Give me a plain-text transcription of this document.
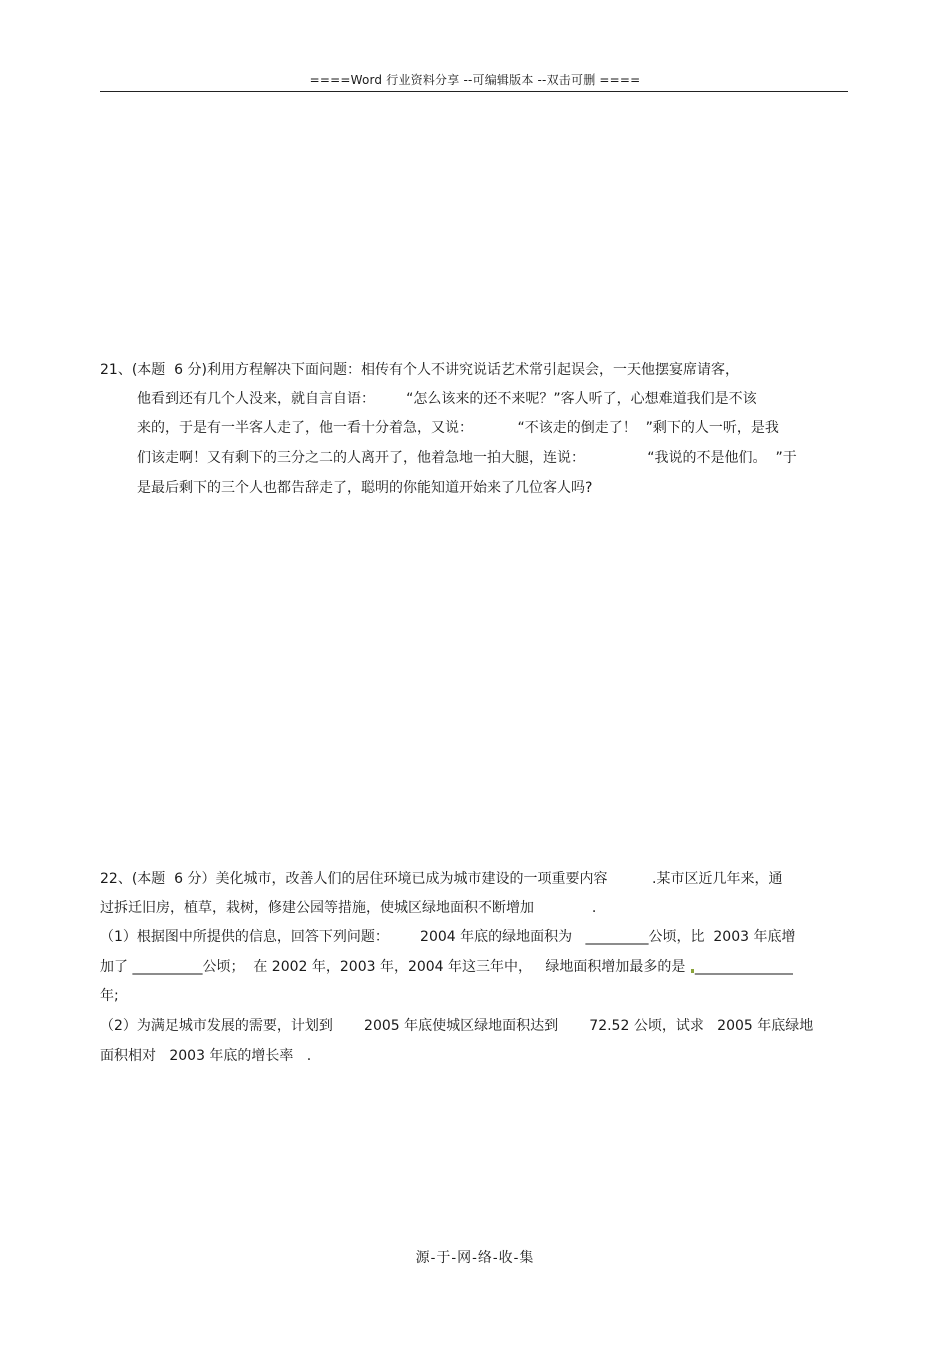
====Word 行业资料分享 --可编辑版本 --双击可删 ====
21、(本题  6 分)利用方程解决下面问题：相传有个人不讲究说话艺术常引起误会，一天他摆宴席请客，
他看到还有几个人没来，就自言自语：       “怎么该来的还不来呢？”客人听了，心想难道我们是不该
来的，于是有一半客人走了，他一看十分着急，又说：          “不该走的倒走了！  ”剩下的人一听，是我
们该走啊！又有剩下的三分之二的人离开了，他着急地一拍大腿，连说：              “我说的不是他们。  ”于
是最后剩下的三个人也都告辞走了，聪明的你能知道开始来了几位客人吗?
22、(本题  6 分）美化城市，改善人们的居住环境已成为城市建设的一项重要内容          .某市区近几年来，通
过拆迁旧房，植草，栽树，修建公园等措施，使城区绿地面积不断增加             .
（1）根据图中所提供的信息，回答下列问题：       2004 年底的绿地面积为   _________公顷，比  2003 年底增
加了 __________公顷；  在 2002 年，2003 年，2004 年这三年中，   绿地面积增加最多的是 ______________
年;
（2）为满足城市发展的需要，计划到       2005 年底使城区绿地面积达到       72.52 公顷，试求   2005 年底绿地
面积相对   2003 年底的增长率   .
源-于-网-络-收-集
